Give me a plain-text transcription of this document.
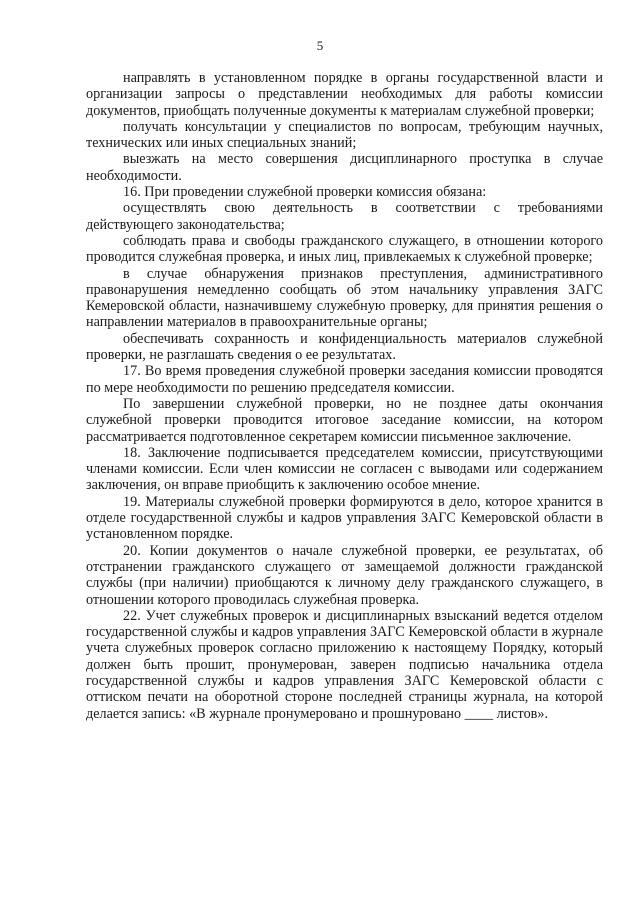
5

направлять в установленном порядке в органы государственной власти и организации запросы о представлении необходимых для работы комиссии документов, приобщать полученные документы к материалам служебной проверки;

получать консультации у специалистов по вопросам, требующим научных, технических или иных специальных знаний;

выезжать на место совершения дисциплинарного проступка в случае необходимости.

16. При проведении служебной проверки комиссия обязана:

осуществлять свою деятельность в соответствии с требованиями действующего законодательства;

соблюдать права и свободы гражданского служащего, в отношении которого проводится служебная проверка, и иных лиц, привлекаемых к служебной проверке;

в случае обнаружения признаков преступления, административного правонарушения немедленно сообщать об этом начальнику управления ЗАГС Кемеровской области, назначившему служебную проверку, для принятия решения о направлении материалов в правоохранительные органы;

обеспечивать сохранность и конфиденциальность материалов служебной проверки, не разглашать сведения о ее результатах.

17. Во время проведения служебной проверки заседания комиссии проводятся по мере необходимости по решению председателя комиссии.

По завершении служебной проверки, но не позднее даты окончания служебной проверки проводится итоговое заседание комиссии, на котором рассматривается подготовленное секретарем комиссии письменное заключение.

18. Заключение подписывается председателем комиссии, присутствующими членами комиссии. Если член комиссии не согласен с выводами или содержанием заключения, он вправе приобщить к заключению особое мнение.

19. Материалы служебной проверки формируются в дело, которое хранится в отделе государственной службы и кадров управления ЗАГС Кемеровской области в установленном порядке.

20. Копии документов о начале служебной проверки, ее результатах, об отстранении гражданского служащего от замещаемой должности гражданской службы (при наличии) приобщаются к личному делу гражданского служащего, в отношении которого проводилась служебная проверка.

22. Учет служебных проверок и дисциплинарных взысканий ведется отделом государственной службы и кадров управления ЗАГС Кемеровской области в журнале учета служебных проверок согласно приложению к настоящему Порядку, который должен быть прошит, пронумерован, заверен подписью начальника отдела государственной службы и кадров управления ЗАГС Кемеровской области с оттиском печати на оборотной стороне последней страницы журнала, на которой делается запись: «В журнале пронумеровано и прошнуровано ____ листов».
